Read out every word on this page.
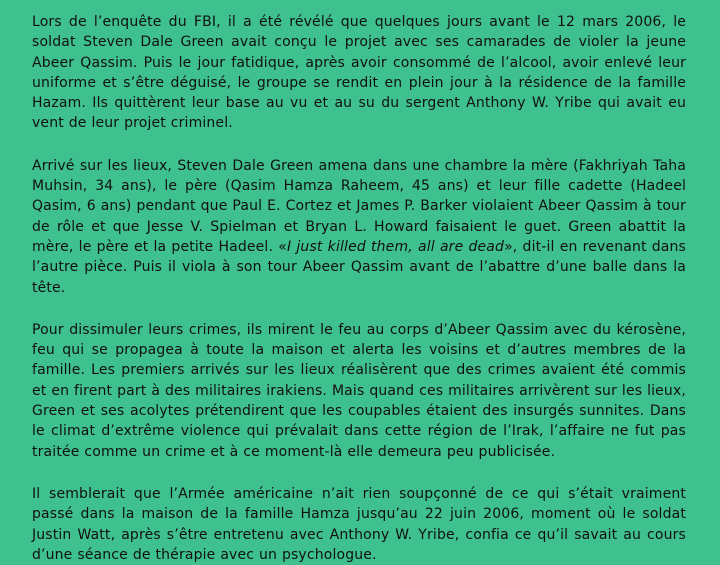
Lors de l’enquête du FBI, il a été révélé que quelques jours avant le 12 mars 2006, le soldat Steven Dale Green avait conçu le projet avec ses camarades de violer la jeune Abeer Qassim. Puis le jour fatidique, après avoir consommé de l’alcool, avoir enlevé leur uniforme et s’être déguisé, le groupe se rendit en plein jour à la résidence de la famille Hazam. Ils quittèrent leur base au vu et au su du sergent Anthony W. Yribe qui avait eu vent de leur projet criminel.

Arrivé sur les lieux, Steven Dale Green amena dans une chambre la mère (Fakhriyah Taha Muhsin, 34 ans), le père (Qasim Hamza Raheem, 45 ans) et leur fille cadette (Hadeel Qasim, 6 ans) pendant que Paul E. Cortez et James P. Barker violaient Abeer Qassim à tour de rôle et que Jesse V. Spielman et Bryan L. Howard faisaient le guet. Green abattit la mère, le père et la petite Hadeel. «I just killed them, all are dead», dit-il en revenant dans l’autre pièce. Puis il viola à son tour Abeer Qassim avant de l’abattre d’une balle dans la tête.

Pour dissimuler leurs crimes, ils mirent le feu au corps d’Abeer Qassim avec du kérosène, feu qui se propagea à toute la maison et alerta les voisins et d’autres membres de la famille. Les premiers arrivés sur les lieux réalisèrent que des crimes avaient été commis et en firent part à des militaires irakiens. Mais quand ces militaires arrivèrent sur les lieux, Green et ses acolytes prétendirent que les coupables étaient des insurgés sunnites. Dans le climat d’extrême violence qui prévalait dans cette région de l’Irak, l’affaire ne fut pas traitée comme un crime et à ce moment-là elle demeura peu publicisée.

Il semblerait que l’Armée américaine n’ait rien soupçonné de ce qui s’était vraiment passé dans la maison de la famille Hamza jusqu’au 22 juin 2006, moment où le soldat Justin Watt, après s’être entretenu avec Anthony W. Yribe, confia ce qu’il savait au cours d’une séance de thérapie avec un psychologue.
